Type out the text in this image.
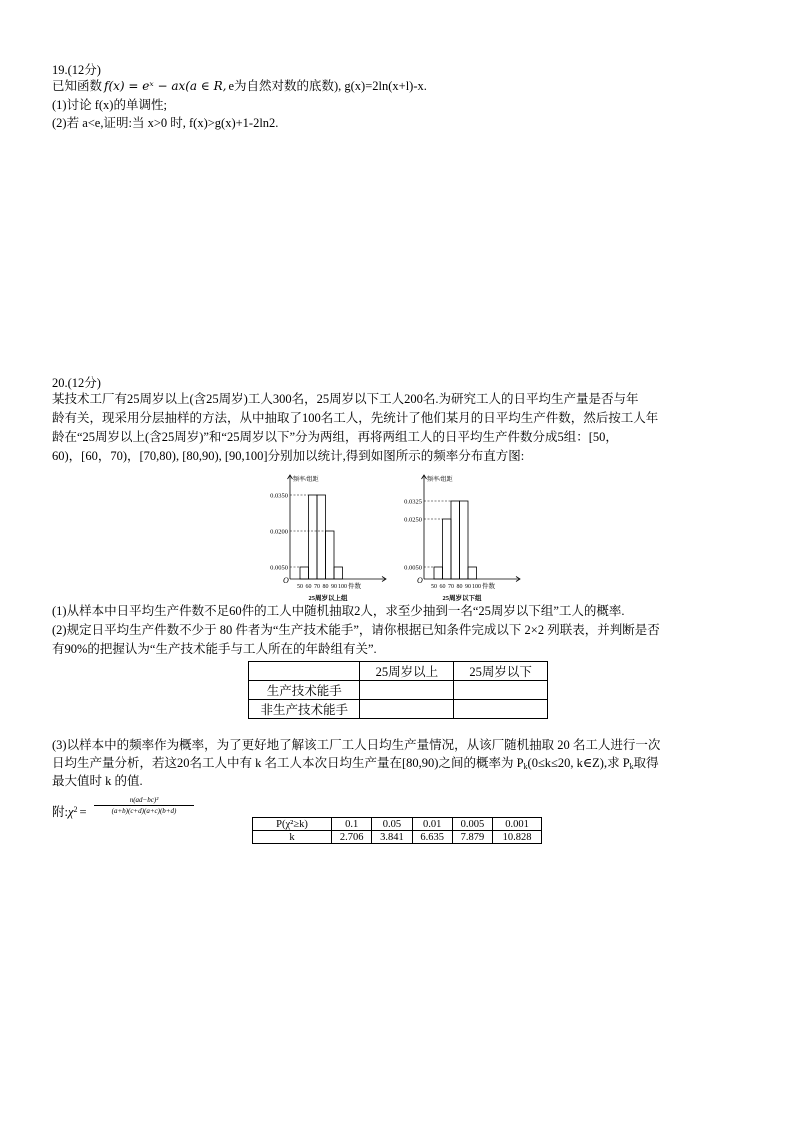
19.(12分)
已知函数 f(x) = eˣ − ax(a ∈ R, e为自然对数的底数), g(x)=2ln(x+l)-x.
(1)讨论 f(x)的单调性;
(2)若 a<e,证明:当 x>0 时, f(x)>g(x)+1-2ln2.
20.(12分)
某技术工厂有25周岁以上(含25周岁)工人300名，25周岁以下工人200名.为研究工人的日平均生产量是否与年
龄有关，现采用分层抽样的方法，从中抽取了100名工人，先统计了他们某月的日平均生产件数，然后按工人年
龄在“25周岁以上(含25周岁)”和“25周岁以下”分为两组，再将两组工人的日平均生产件数分成5组：[50，
60)，[60，70)，[70,80), [80,90), [90,100]分别加以统计,得到如图所示的频率分布直方图:
O
频率/组距
0.0050
0.0200
0.0350
50 60 70 80 90 100 件数
25周岁以上组
O
频率/组距
0.0050
0.0250
0.0325
50 60 70 80 90 100 件数
25周岁以下组
(1)从样本中日平均生产件数不足60件的工人中随机抽取2人，求至少抽到一名“25周岁以下组”工人的概率.
(2)规定日平均生产件数不少于 80 件者为“生产技术能手”，请你根据已知条件完成以下 2×2 列联表，并判断是否
有90%的把握认为“生产技术能手与工人所在的年龄组有关”.
	25周岁以上	25周岁以下
生产技术能手		
非生产技术能手		
(3)以样本中的频率作为概率，为了更好地了解该工厂工人日均生产量情况，从该厂随机抽取 20 名工人进行一次
日均生产量分析，若这20名工人中有 k 名工人本次日均生产量在[80,90)之间的概率为 $P_k(0\le k\le 20$, k∈Z),求 $P_k$取得
最大值时 k 的值.
附$:\chi^2$ =
n(ad−bc)²
(a+b)(c+d)(a+c)(b+d)
P(χ²≥k)	0.1	0.05	0.01	0.005	0.001
k	2.706	3.841	6.635	7.879	10.828
